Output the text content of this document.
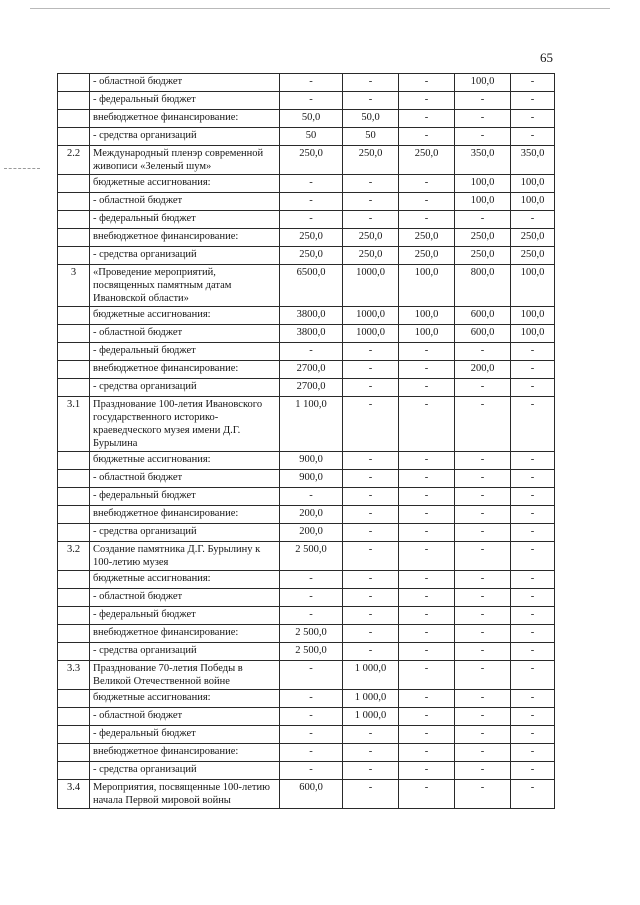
65
	- областной бюджет	-	-	-	100,0	-
	- федеральный бюджет	-	-	-	-	-
	внебюджетное финансирование:	50,0	50,0	-	-	-
	- средства организаций	50	50	-	-	-
2.2	Международный пленэр современной живописи «Зеленый шум»	250,0	250,0	250,0	350,0	350,0
	бюджетные ассигнования:	-	-	-	100,0	100,0
	- областной бюджет	-	-	-	100,0	100,0
	- федеральный бюджет	-	-	-	-	-
	внебюджетное финансирование:	250,0	250,0	250,0	250,0	250,0
	- средства организаций	250,0	250,0	250,0	250,0	250,0
3	«Проведение мероприятий, посвященных памятным датам Ивановской области»	6500,0	1000,0	100,0	800,0	100,0
	бюджетные ассигнования:	3800,0	1000,0	100,0	600,0	100,0
	- областной бюджет	3800,0	1000,0	100,0	600,0	100,0
	- федеральный бюджет	-	-	-	-	-
	внебюджетное финансирование:	2700,0	-	-	200,0	-
	- средства организаций	2700,0	-	-	-	-
3.1	Празднование 100-летия Ивановского государственного историко-краеведческого музея имени Д.Г. Бурылина	1 100,0	-	-	-	-
	бюджетные ассигнования:	900,0	-	-	-	-
	- областной бюджет	900,0	-	-	-	-
	- федеральный бюджет	-	-	-	-	-
	внебюджетное финансирование:	200,0	-	-	-	-
	- средства организаций	200,0	-	-	-	-
3.2	Создание памятника Д.Г. Бурылину к 100-летию музея	2 500,0	-	-	-	-
	бюджетные ассигнования:	-	-	-	-	-
	- областной бюджет	-	-	-	-	-
	- федеральный бюджет	-	-	-	-	-
	внебюджетное финансирование:	2 500,0	-	-	-	-
	- средства организаций	2 500,0	-	-	-	-
3.3	Празднование 70-летия Победы в Великой Отечественной войне	-	1 000,0	-	-	-
	бюджетные ассигнования:	-	1 000,0	-	-	-
	- областной бюджет	-	1 000,0	-	-	-
	- федеральный бюджет	-	-	-	-	-
	внебюджетное финансирование:	-	-	-	-	-
	- средства организаций	-	-	-	-	-
3.4	Мероприятия, посвященные 100-летию начала Первой мировой войны	600,0	-	-	-	-
